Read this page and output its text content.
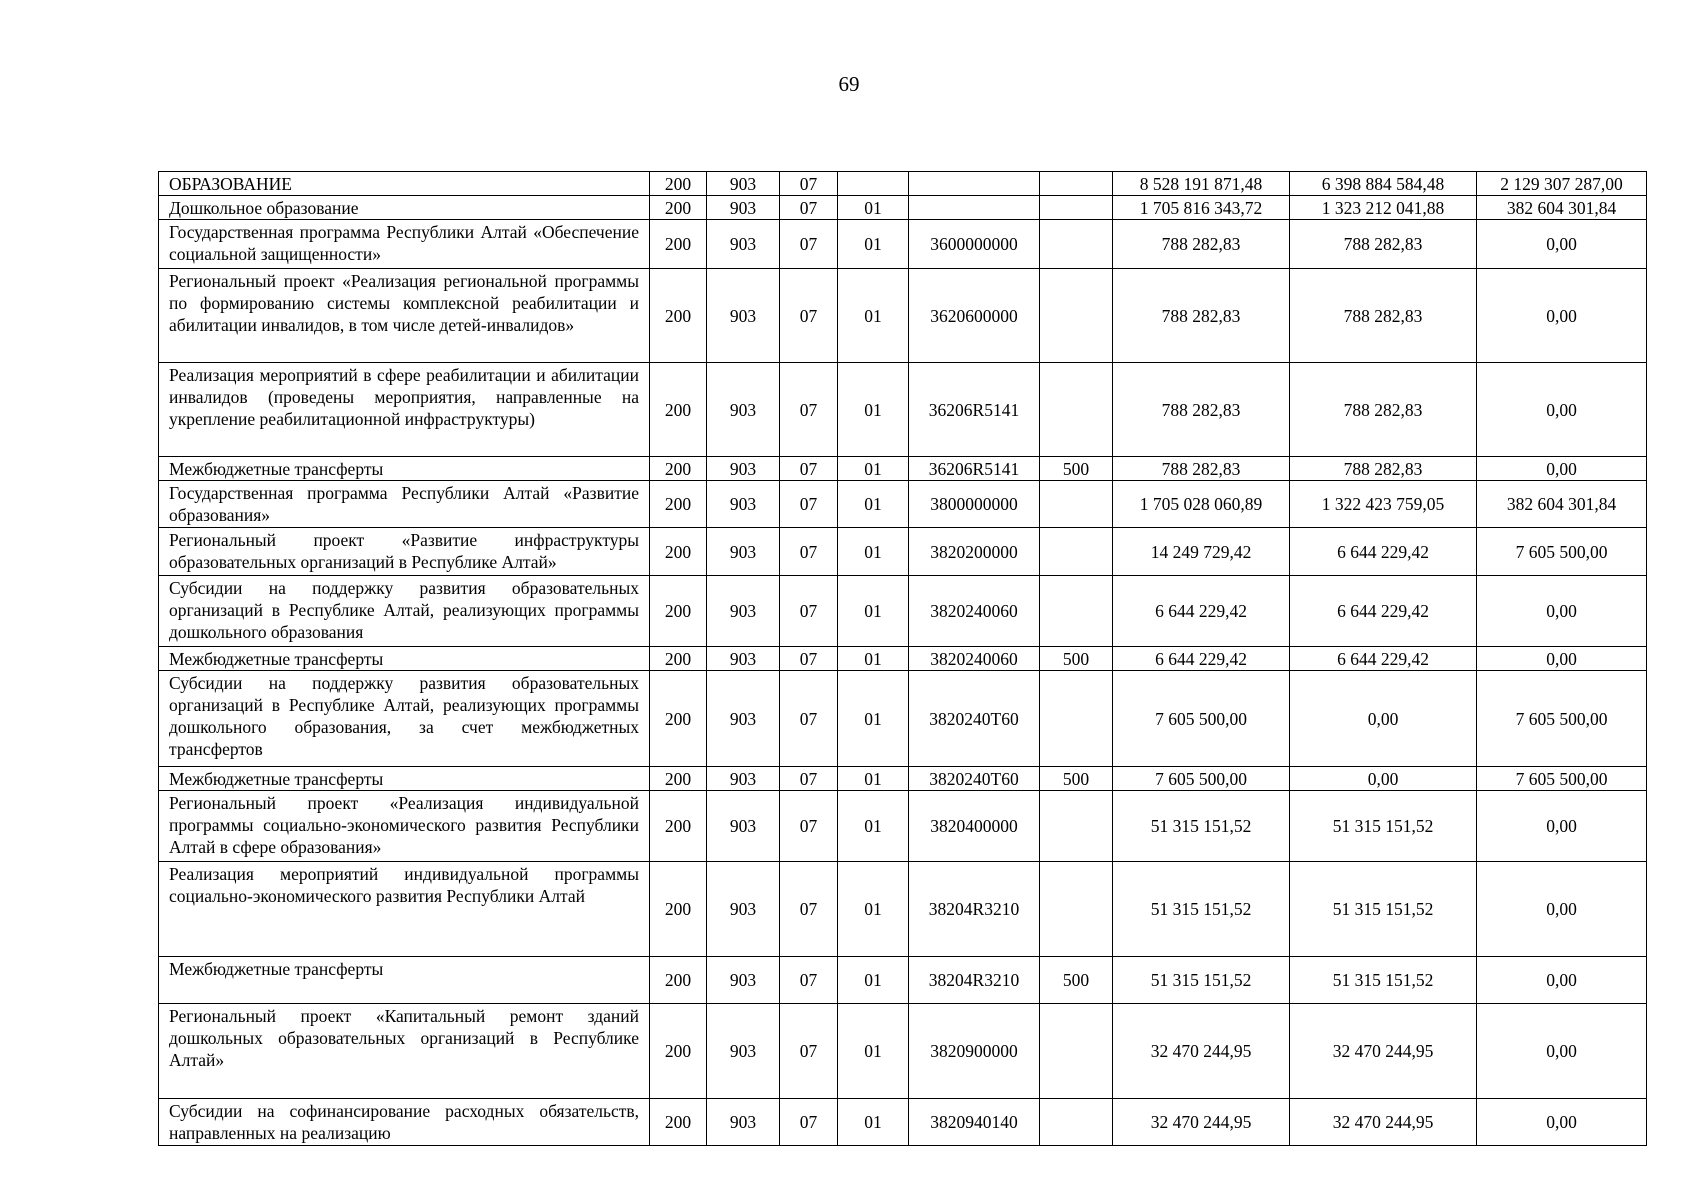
69
ОБРАЗОВАНИЕ	200	903	07				8 528 191 871,48	6 398 884 584,48	2 129 307 287,00
Дошкольное образование	200	903	07	01			1 705 816 343,72	1 323 212 041,88	382 604 301,84
Государственная программа Республики Алтай «Обеспечение социальной защищенности»	200	903	07	01	3600000000		788 282,83	788 282,83	0,00
Региональный проект «Реализация региональной программы по формированию системы комплексной реабилитации и абилитации инвалидов, в том числе детей-инвалидов»	200	903	07	01	3620600000		788 282,83	788 282,83	0,00
Реализация мероприятий в сфере реабилитации и абилитации инвалидов (проведены мероприятия, направленные на укрепление реабилитационной инфраструктуры)	200	903	07	01	36206R5141		788 282,83	788 282,83	0,00
Межбюджетные трансферты	200	903	07	01	36206R5141	500	788 282,83	788 282,83	0,00
Государственная программа Республики Алтай «Развитие образования»	200	903	07	01	3800000000		1 705 028 060,89	1 322 423 759,05	382 604 301,84
Региональный проект «Развитие инфраструктуры образовательных организаций в Республике Алтай»	200	903	07	01	3820200000		14 249 729,42	6 644 229,42	7 605 500,00
Субсидии на поддержку развития образовательных организаций в Республике Алтай, реализующих программы дошкольного образования	200	903	07	01	3820240060		6 644 229,42	6 644 229,42	0,00
Межбюджетные трансферты	200	903	07	01	3820240060	500	6 644 229,42	6 644 229,42	0,00
Субсидии на поддержку развития образовательных организаций в Республике Алтай, реализующих программы дошкольного образования, за счет межбюджетных трансфертов	200	903	07	01	3820240T60		7 605 500,00	0,00	7 605 500,00
Межбюджетные трансферты	200	903	07	01	3820240T60	500	7 605 500,00	0,00	7 605 500,00
Региональный проект «Реализация индивидуальной программы социально-экономического развития Республики Алтай в сфере образования»	200	903	07	01	3820400000		51 315 151,52	51 315 151,52	0,00
Реализация мероприятий индивидуальной программы социально-экономического развития Республики Алтай	200	903	07	01	38204R3210		51 315 151,52	51 315 151,52	0,00
Межбюджетные трансферты	200	903	07	01	38204R3210	500	51 315 151,52	51 315 151,52	0,00
Региональный проект «Капитальный ремонт зданий дошкольных образовательных организаций в Республике Алтай»	200	903	07	01	3820900000		32 470 244,95	32 470 244,95	0,00
Субсидии на софинансирование расходных обязательств, направленных на реализацию	200	903	07	01	3820940140		32 470 244,95	32 470 244,95	0,00
